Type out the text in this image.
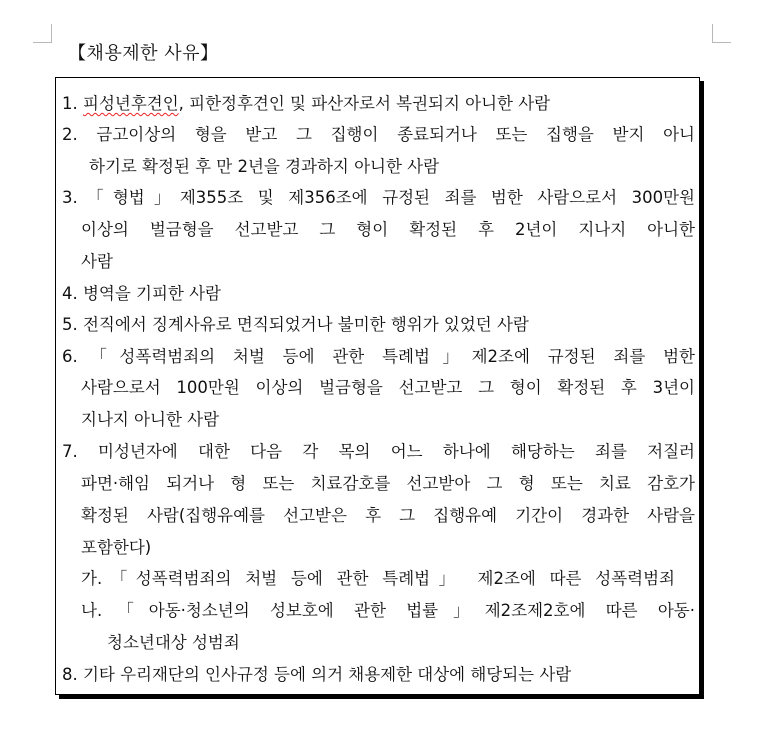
【채용제한 사유】
1. 피성년후견인, 피한정후견인 및 파산자로서 복권되지 아니한 사람
2. 금고이상의 형을 받고 그 집행이 종료되거나 또는 집행을 받지 아니
하기로 확정된 후 만 2년을 경과하지 아니한 사람
3.「형법」제355조 및 제356조에 규정된 죄를 범한 사람으로서 300만원
이상의 벌금형을 선고받고 그 형이 확정된 후 2년이 지나지 아니한
사람
4. 병역을 기피한 사람
5. 전직에서 징계사유로 면직되었거나 불미한 행위가 있었던 사람
6.「성폭력범죄의 처벌 등에 관한 특례법」제2조에 규정된 죄를 범한
사람으로서 100만원 이상의 벌금형을 선고받고 그 형이 확정된 후 3년이
지나지 아니한 사람
7. 미성년자에 대한 다음 각 목의 어느 하나에 해당하는 죄를 저질러
파면·해임 되거나 형 또는 치료감호를 선고받아 그 형 또는 치료 감호가
확정된 사람(집행유예를 선고받은 후 그 집행유예 기간이 경과한 사람을
포함한다)
가.「성폭력범죄의 처벌 등에 관한 특례법」 제2조에 따른 성폭력범죄
나.「아동·청소년의 성보호에 관한 법률」제2조제2호에 따른 아동·
청소년대상 성범죄
8. 기타 우리재단의 인사규정 등에 의거 채용제한 대상에 해당되는 사람
